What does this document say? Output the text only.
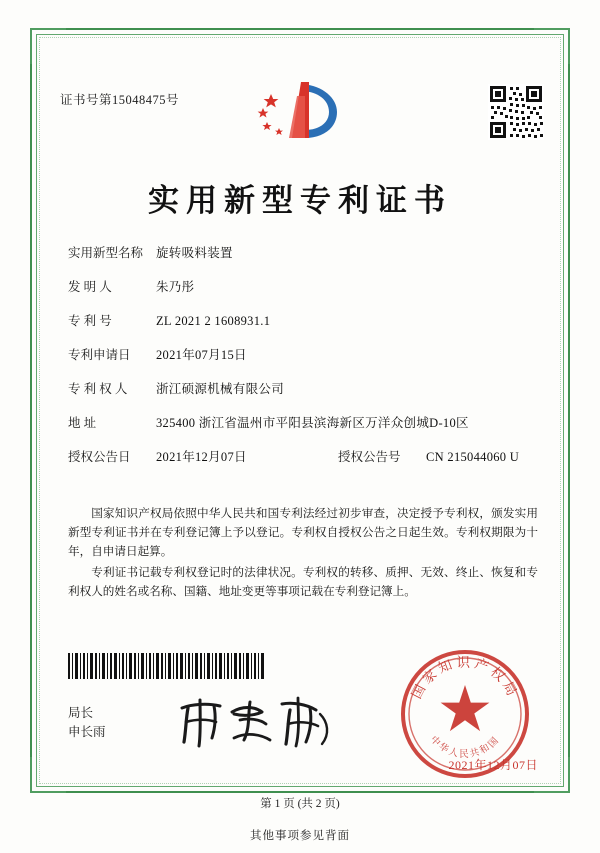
证书号第15048475号
实用新型专利证书
实用新型名称	旋转吸料装置
发 明 人	朱乃彤
专 利 号	ZL 2021 2 1608931.1
专利申请日	2021年07月15日
专 利 权 人	浙江硕源机械有限公司
地 址	325400 浙江省温州市平阳县滨海新区万洋众创城D-10区
授权公告日	2021年12月07日	授权公告号	CN 215044060 U
国家知识产权局依照中华人民共和国专利法经过初步审查，决定授予专利权，颁发实用新型专利证书并在专利登记簿上予以登记。专利权自授权公告之日起生效。专利权期限为十年，自申请日起算。
专利证书记载专利权登记时的法律状况。专利权的转移、质押、无效、终止、恢复和专利权人的姓名或名称、国籍、地址变更等事项记载在专利登记簿上。
局长
申长雨
国家知识产权局
中华人民共和国
2021年12月07日
第 1 页 (共 2 页)
其他事项参见背面
